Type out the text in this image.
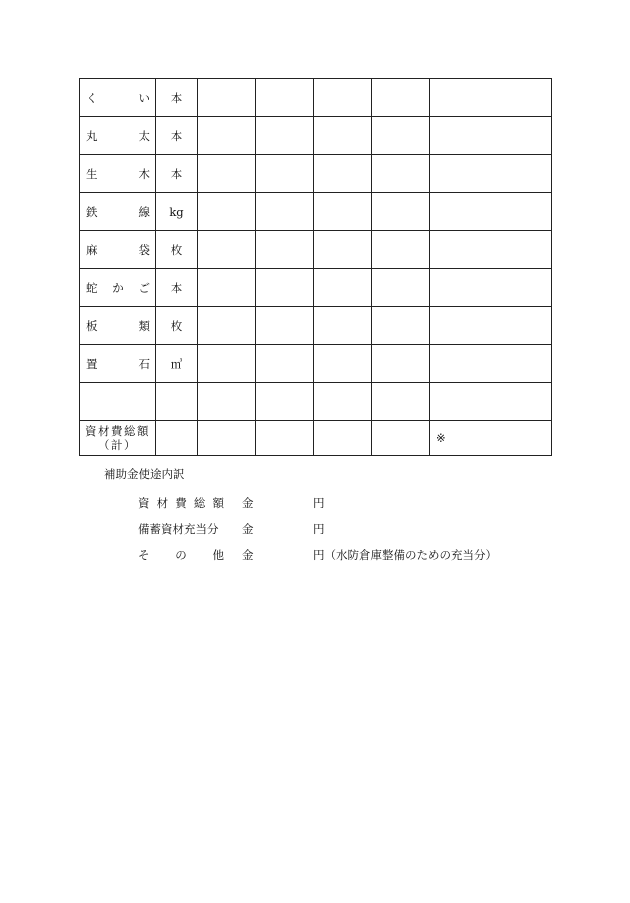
く い	本					

丸 太	本					

生 木	本					

鉄 線	kg					

麻 袋	枚					

蛇 か ご	本					

板 類	枚					

置 石	㎥					

資材費総額
（計）						※
補助金使途内訳
資 材 費 総 額 金	円
備蓄資材充当分 金	円
そ の 他 金	円（水防倉庫整備のための充当分）
